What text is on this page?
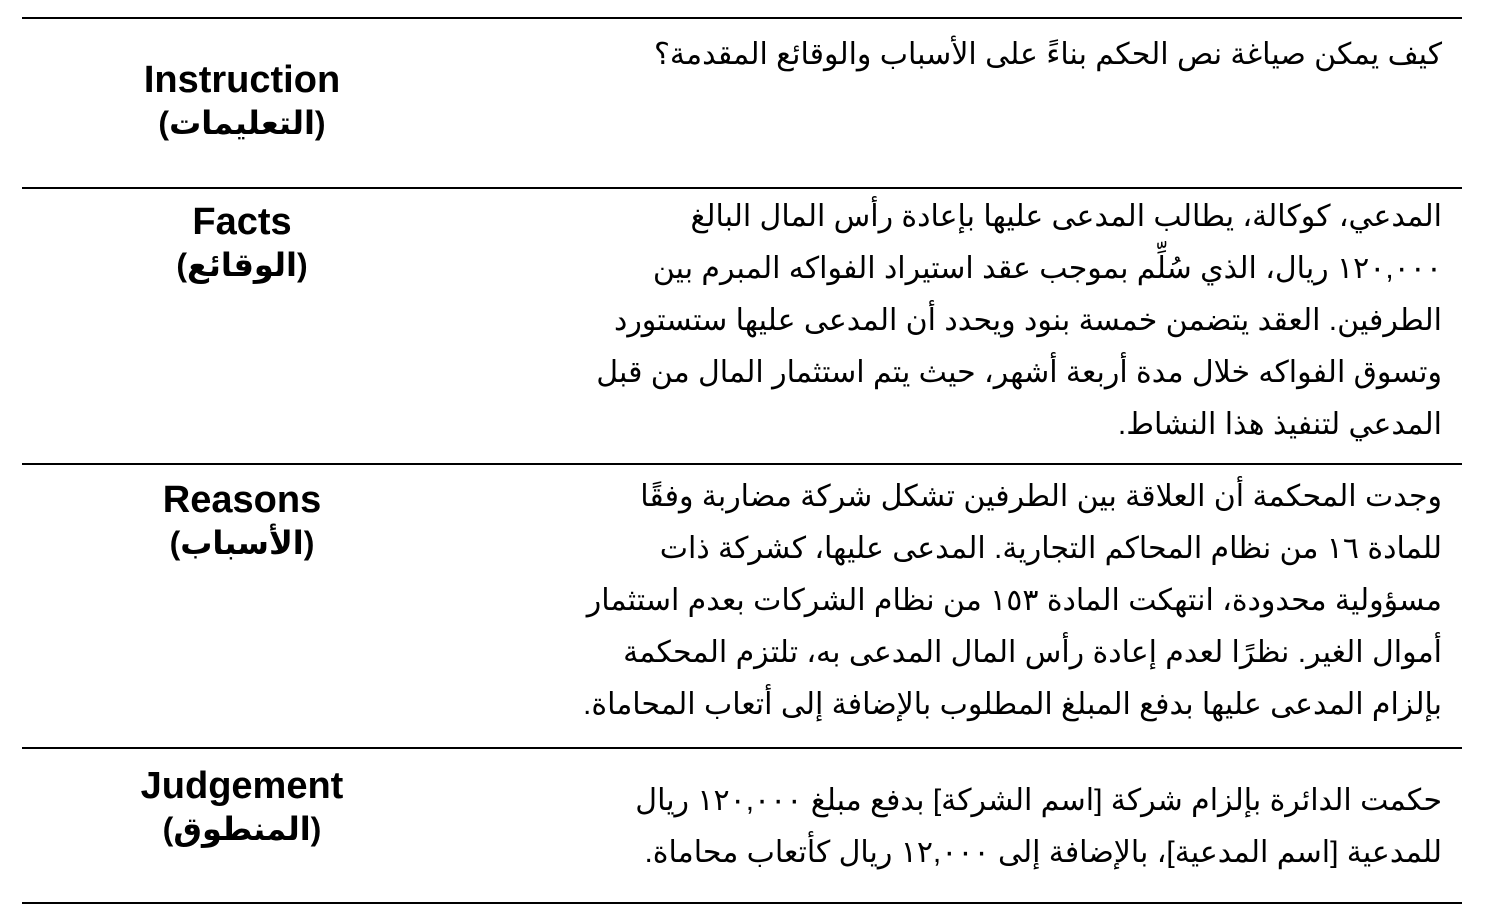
Instruction
(التعليمات)
كيف يمكن صياغة نص الحكم بناءً على الأسباب والوقائع المقدمة؟
Facts
(الوقائع)
المدعي، كوكالة، يطالب المدعى عليها بإعادة رأس المال البالغ
١٢٠,٠٠٠ ريال، الذي سُلِّم بموجب عقد استيراد الفواكه المبرم بين
الطرفين. العقد يتضمن خمسة بنود ويحدد أن المدعى عليها ستستورد
وتسوق الفواكه خلال مدة أربعة أشهر، حيث يتم استثمار المال من قبل
المدعي لتنفيذ هذا النشاط.
Reasons
(الأسباب)
وجدت المحكمة أن العلاقة بين الطرفين تشكل شركة مضاربة وفقًا
للمادة ١٦ من نظام المحاكم التجارية. المدعى عليها، كشركة ذات
مسؤولية محدودة، انتهكت المادة ١٥٣ من نظام الشركات بعدم استثمار
أموال الغير. نظرًا لعدم إعادة رأس المال المدعى به، تلتزم المحكمة
بإلزام المدعى عليها بدفع المبلغ المطلوب بالإضافة إلى أتعاب المحاماة.
Judgement
(المنطوق)
حكمت الدائرة بإلزام شركة [اسم الشركة] بدفع مبلغ ١٢٠,٠٠٠ ريال
للمدعية [اسم المدعية]، بالإضافة إلى ١٢,٠٠٠ ريال كأتعاب محاماة.
